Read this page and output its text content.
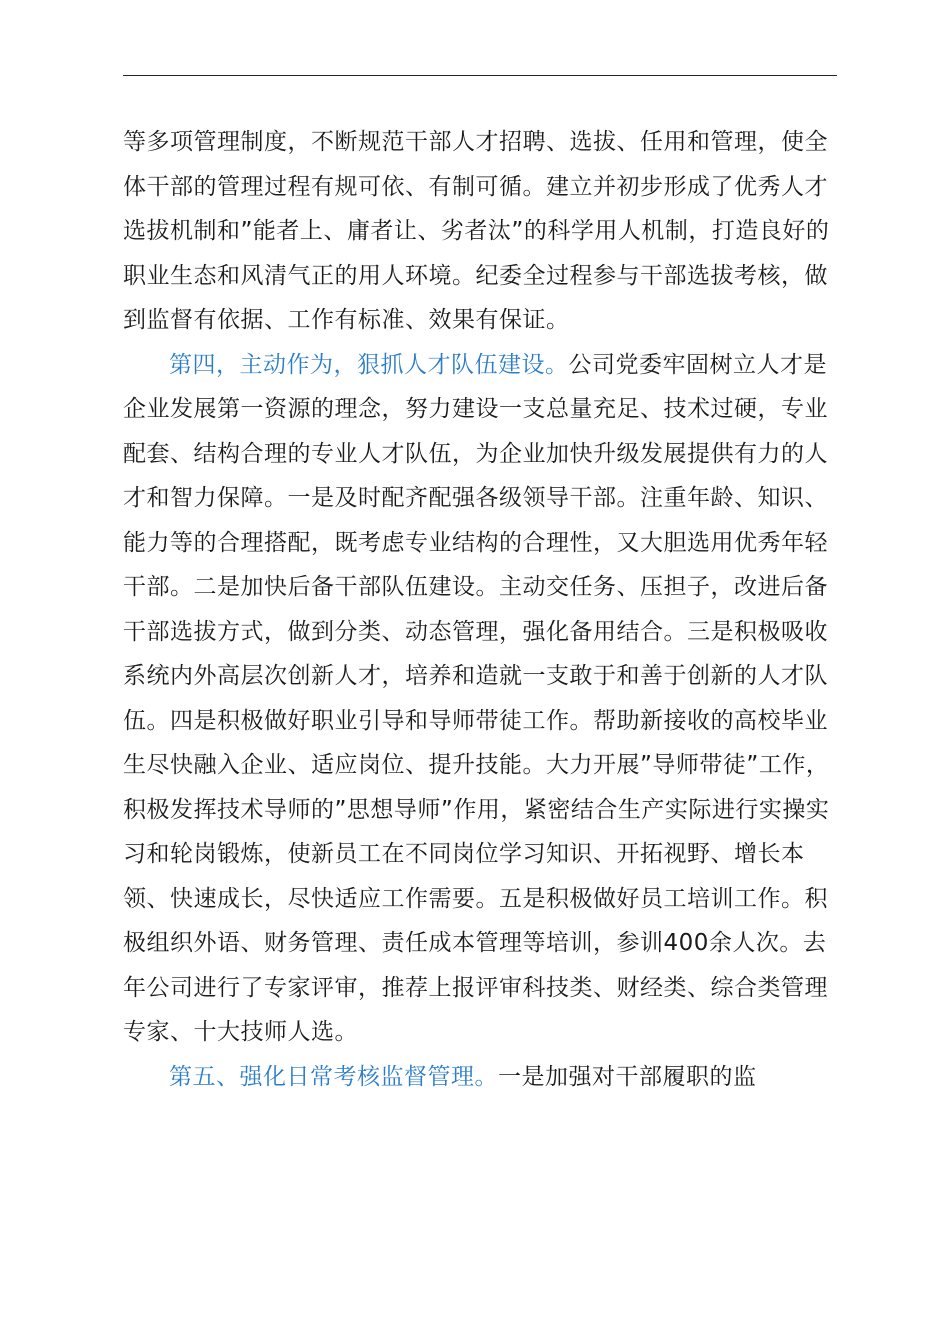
等多项管理制度，不断规范干部人才招聘、选拔、任用和管理，使全体干部的管理过程有规可依、有制可循。建立并初步形成了优秀人才选拔机制和”能者上、庸者让、劣者汰”的科学用人机制，打造良好的职业生态和风清气正的用人环境。纪委全过程参与干部选拔考核，做到监督有依据、工作有标准、效果有保证。

第四，主动作为，狠抓人才队伍建设。公司党委牢固树立人才是企业发展第一资源的理念，努力建设一支总量充足、技术过硬，专业配套、结构合理的专业人才队伍，为企业加快升级发展提供有力的人才和智力保障。一是及时配齐配强各级领导干部。注重年龄、知识、能力等的合理搭配，既考虑专业结构的合理性，又大胆选用优秀年轻干部。二是加快后备干部队伍建设。主动交任务、压担子，改进后备干部选拔方式，做到分类、动态管理，强化备用结合。三是积极吸收系统内外高层次创新人才，培养和造就一支敢于和善于创新的人才队伍。四是积极做好职业引导和导师带徒工作。帮助新接收的高校毕业生尽快融入企业、适应岗位、提升技能。大力开展”导师带徒”工作，积极发挥技术导师的”思想导师”作用，紧密结合生产实际进行实操实习和轮岗锻炼，使新员工在不同岗位学习知识、开拓视野、增长本领、快速成长，尽快适应工作需要。五是积极做好员工培训工作。积极组织外语、财务管理、责任成本管理等培训，参训400余人次。去年公司进行了专家评审，推荐上报评审科技类、财经类、综合类管理专家、十大技师人选。

第五、强化日常考核监督管理。一是加强对干部履职的监
